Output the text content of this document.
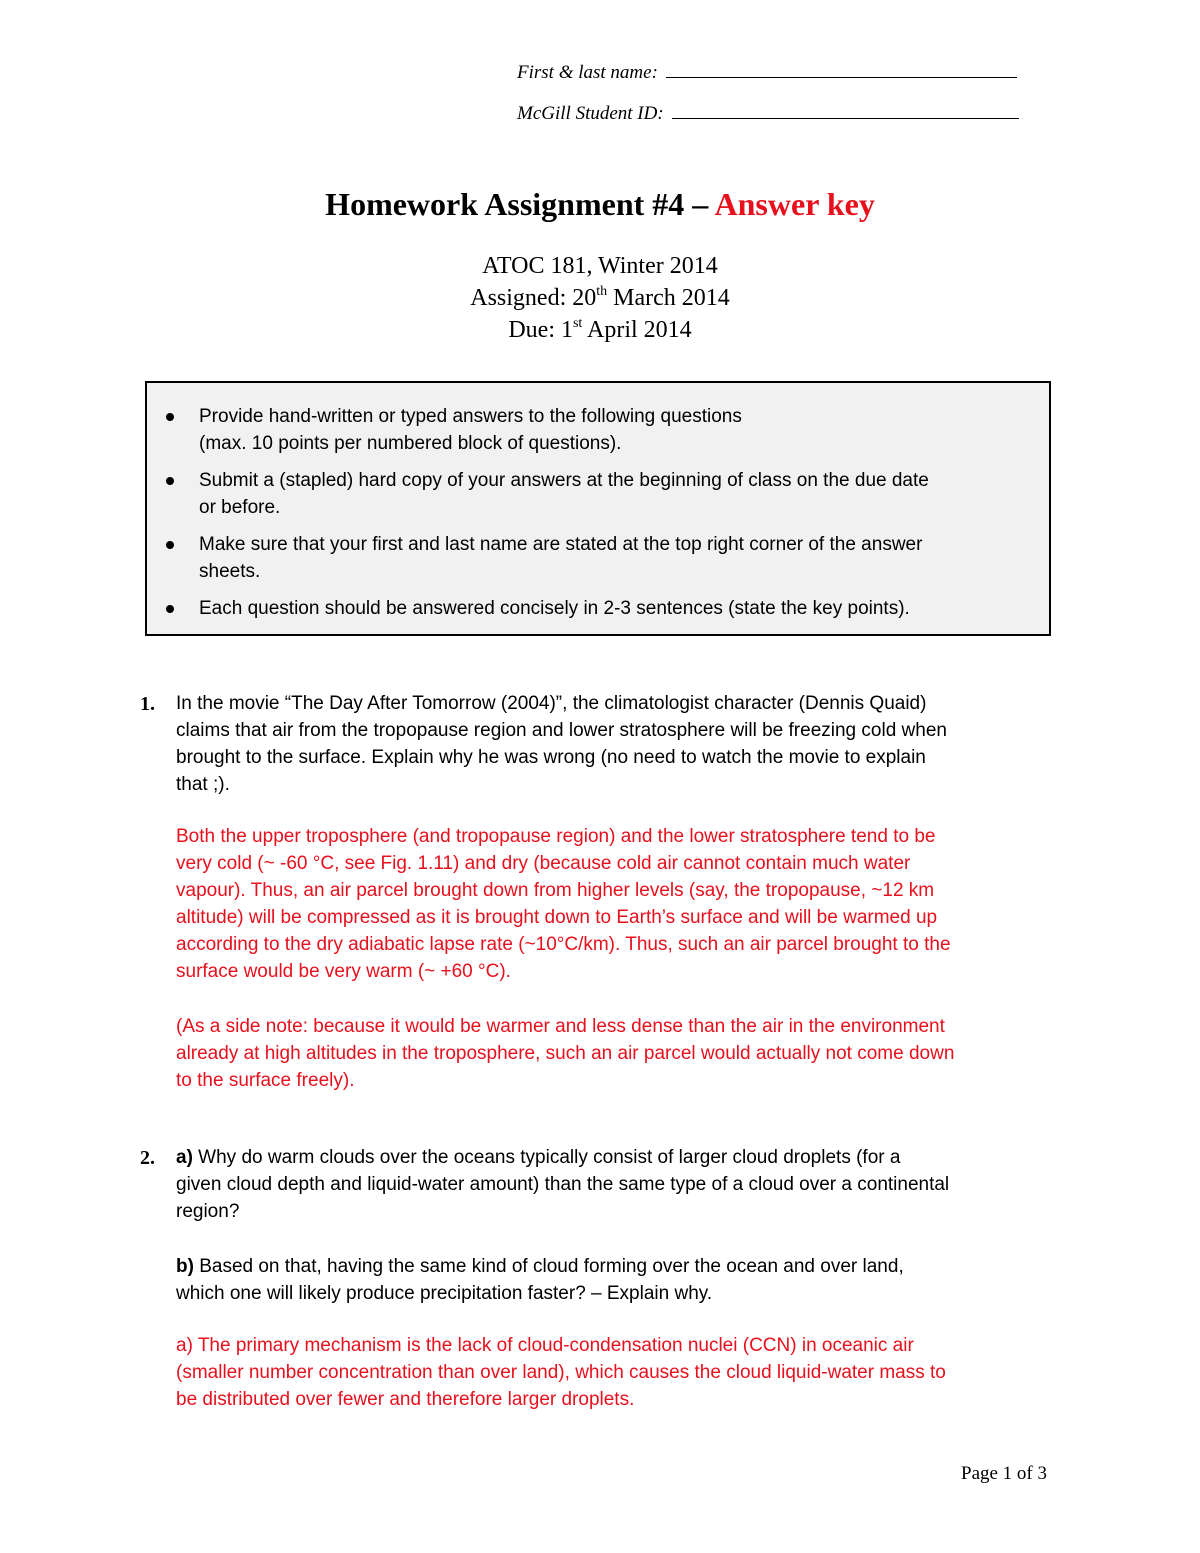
First & last name:
McGill Student ID:
Homework Assignment #4 – Answer key
ATOC 181, Winter 2014
Assigned: 20th March 2014
Due: 1st April 2014
Provide hand-written or typed answers to the following questions
(max. 10 points per numbered block of questions).
Submit a (stapled) hard copy of your answers at the beginning of class on the due date
or before.
Make sure that your first and last name are stated at the top right corner of the answer
sheets.
Each question should be answered concisely in 2-3 sentences (state the key points).
1. In the movie “The Day After Tomorrow (2004)”, the climatologist character (Dennis Quaid)
claims that air from the tropopause region and lower stratosphere will be freezing cold when
brought to the surface. Explain why he was wrong (no need to watch the movie to explain
that ;).
Both the upper troposphere (and tropopause region) and the lower stratosphere tend to be
very cold (~ -60 °C, see Fig. 1.11) and dry (because cold air cannot contain much water
vapour). Thus, an air parcel brought down from higher levels (say, the tropopause, ~12 km
altitude) will be compressed as it is brought down to Earth’s surface and will be warmed up
according to the dry adiabatic lapse rate (~10°C/km). Thus, such an air parcel brought to the
surface would be very warm (~ +60 °C).
(As a side note: because it would be warmer and less dense than the air in the environment
already at high altitudes in the troposphere, such an air parcel would actually not come down
to the surface freely).
2. a) Why do warm clouds over the oceans typically consist of larger cloud droplets (for a
given cloud depth and liquid-water amount) than the same type of a cloud over a continental
region?
b) Based on that, having the same kind of cloud forming over the ocean and over land,
which one will likely produce precipitation faster? – Explain why.
a) The primary mechanism is the lack of cloud-condensation nuclei (CCN) in oceanic air
(smaller number concentration than over land), which causes the cloud liquid-water mass to
be distributed over fewer and therefore larger droplets.
Page 1 of 3
